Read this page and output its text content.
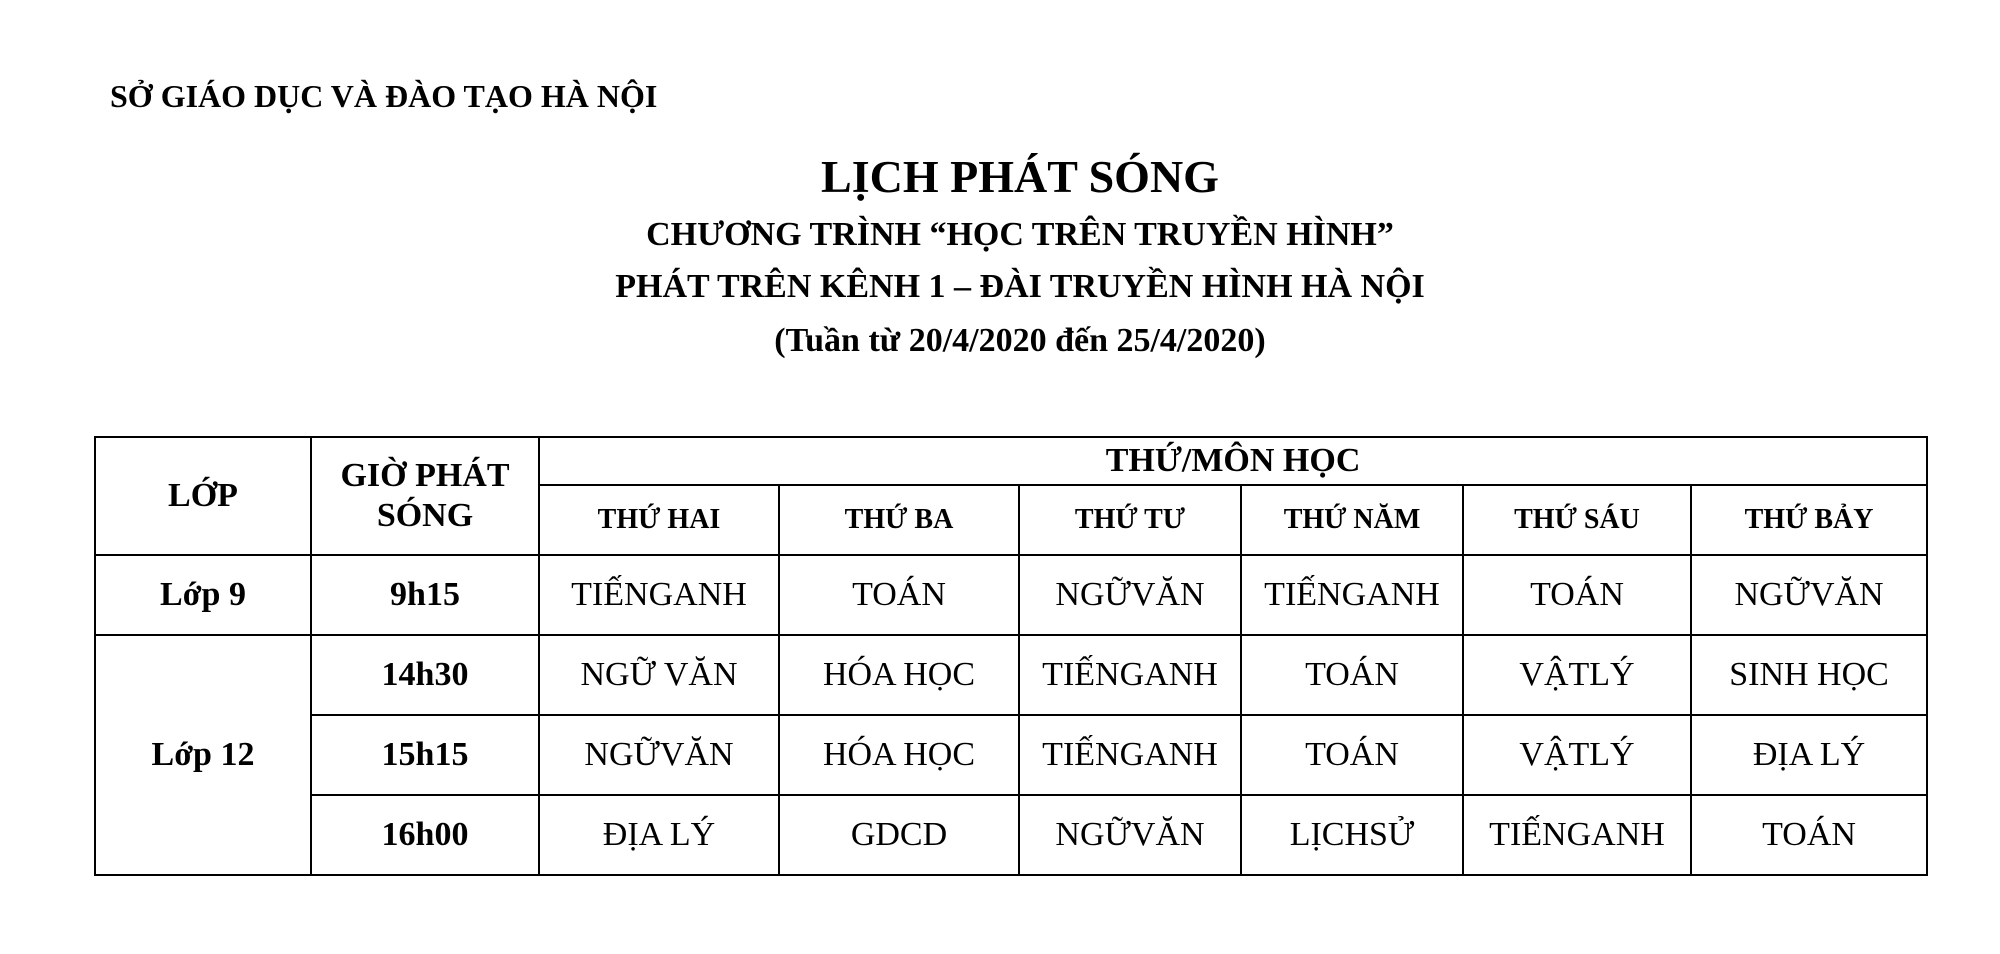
SỞ GIÁO DỤC VÀ ĐÀO TẠO HÀ NỘI
LỊCH PHÁT SÓNG
CHƯƠNG TRÌNH “HỌC TRÊN TRUYỀN HÌNH”
PHÁT TRÊN KÊNH 1 – ĐÀI TRUYỀN HÌNH HÀ NỘI
(Tuần từ 20/4/2020 đến 25/4/2020)
LỚP	GIỜ PHÁT SÓNG	THỨ/MÔN HỌC					
		THỨ HAI	THỨ BA	THỨ TƯ	THỨ NĂM	THỨ SÁU	THỨ BẢY
Lớp 9	9h15	TIẾNGANH	TOÁN	NGỮVĂN	TIẾNGANH	TOÁN	NGỮVĂN
Lớp 12	14h30	NGỮ VĂN	HÓA HỌC	TIẾNGANH	TOÁN	VẬTLÝ	SINH HỌC
	15h15	NGỮVĂN	HÓA HỌC	TIẾNGANH	TOÁN	VẬTLÝ	ĐỊA LÝ
	16h00	ĐỊA LÝ	GDCD	NGỮVĂN	LỊCHSỬ	TIẾNGANH	TOÁN
